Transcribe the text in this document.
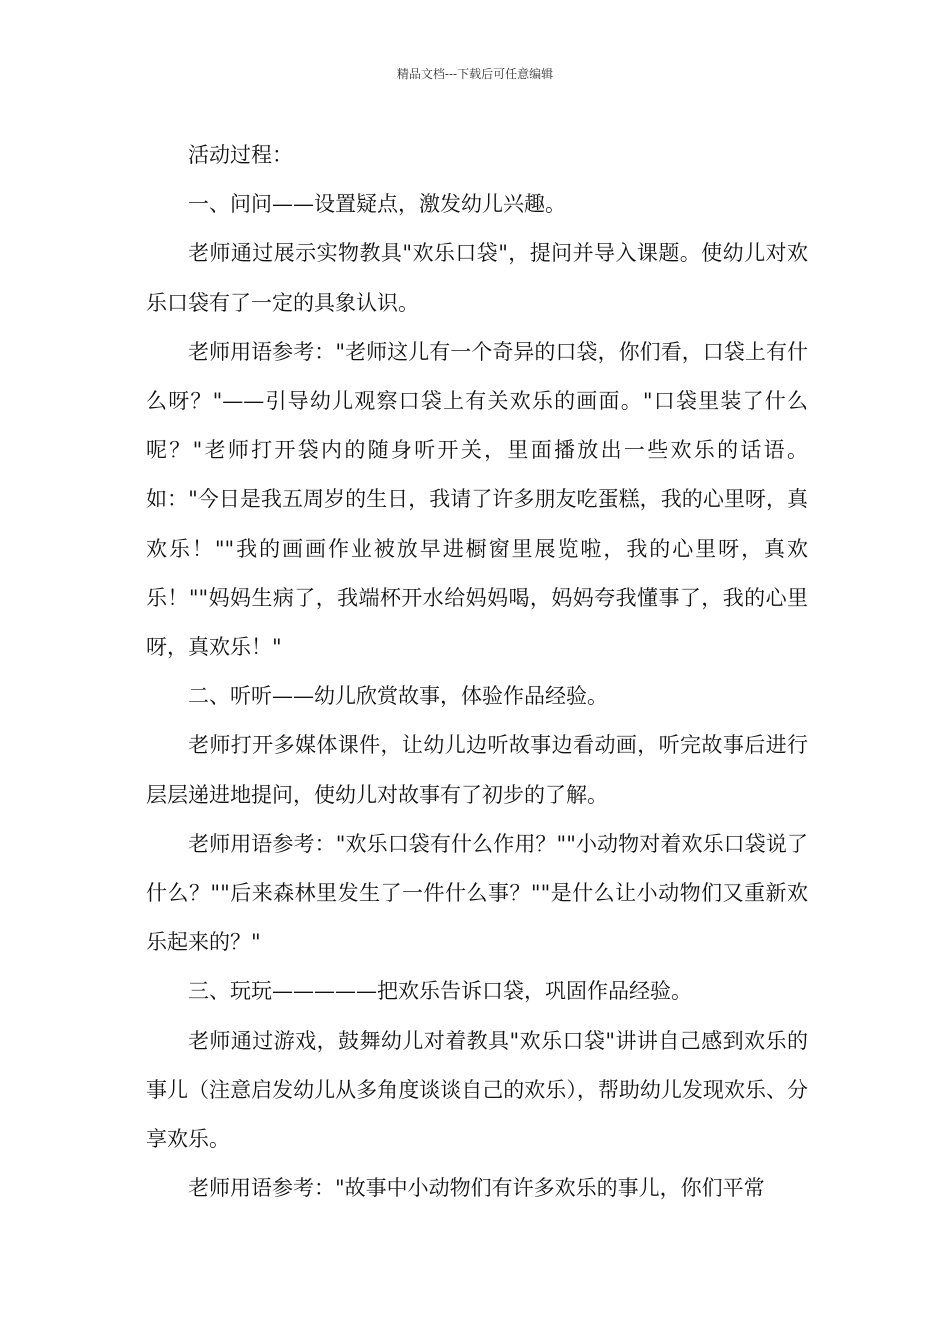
精品文档---下载后可任意编辑

活动过程：

一、问问——设置疑点，激发幼儿兴趣。

老师通过展示实物教具"欢乐口袋"，提问并导入课题。使幼儿对欢乐口袋有了一定的具象认识。

老师用语参考："老师这儿有一个奇异的口袋，你们看，口袋上有什么呀？"——引导幼儿观察口袋上有关欢乐的画面。"口袋里装了什么呢？"老师打开袋内的随身听开关，里面播放出一些欢乐的话语。如："今日是我五周岁的生日，我请了许多朋友吃蛋糕，我的心里呀，真欢乐！""我的画画作业被放早进橱窗里展览啦，我的心里呀，真欢乐！""妈妈生病了，我端杯开水给妈妈喝，妈妈夸我懂事了，我的心里呀，真欢乐！"

二、听听——幼儿欣赏故事，体验作品经验。

老师打开多媒体课件，让幼儿边听故事边看动画，听完故事后进行层层递进地提问，使幼儿对故事有了初步的了解。

老师用语参考："欢乐口袋有什么作用？""小动物对着欢乐口袋说了什么？""后来森林里发生了一件什么事？""是什么让小动物们又重新欢乐起来的？"

三、玩玩—————把欢乐告诉口袋，巩固作品经验。

老师通过游戏，鼓舞幼儿对着教具"欢乐口袋"讲讲自己感到欢乐的事儿（注意启发幼儿从多角度谈谈自己的欢乐），帮助幼儿发现欢乐、分享欢乐。

老师用语参考："故事中小动物们有许多欢乐的事儿，你们平常
